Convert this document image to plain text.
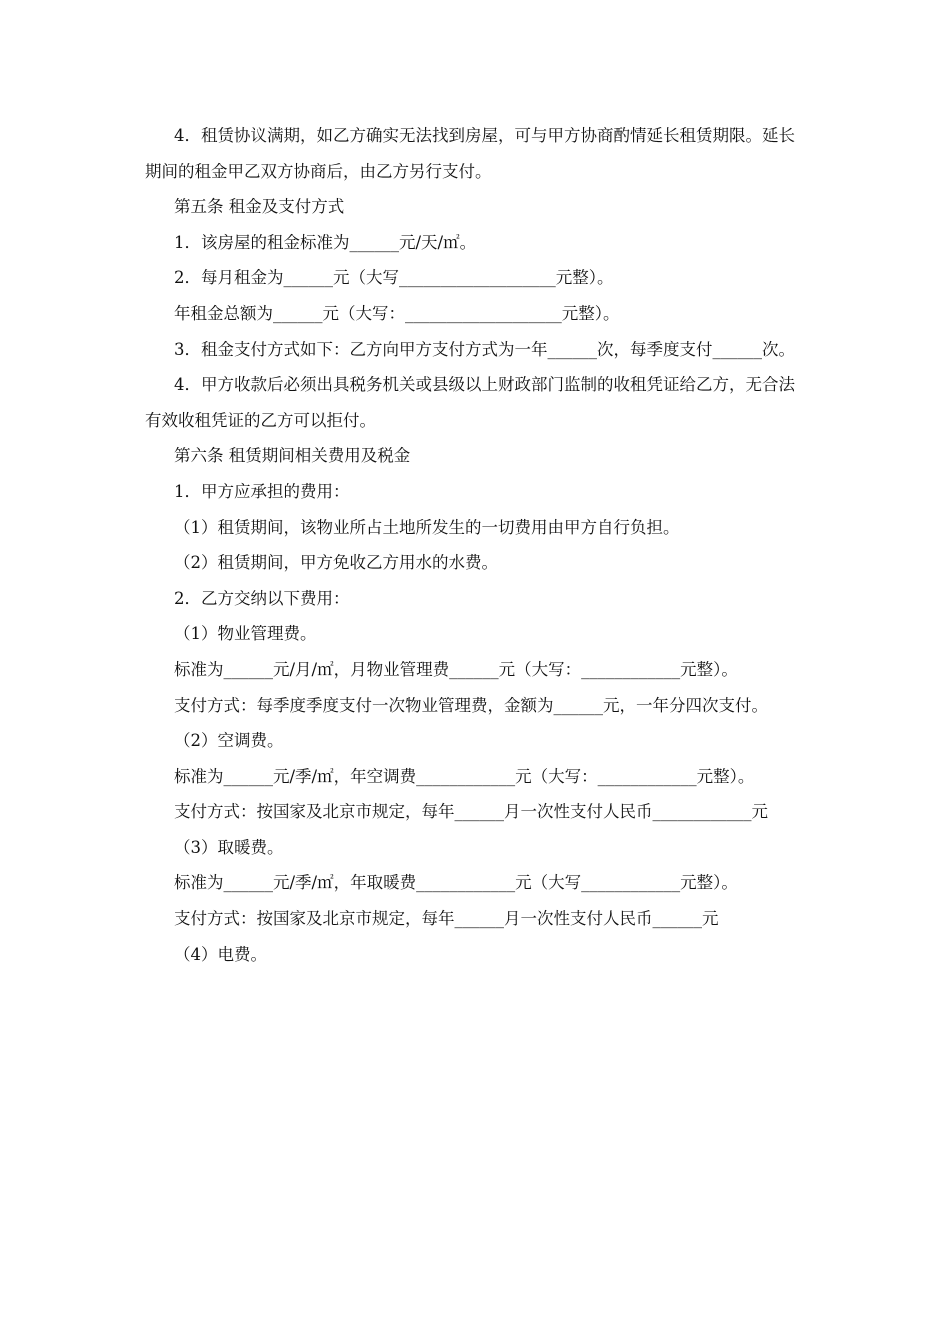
4．租赁协议满期，如乙方确实无法找到房屋，可与甲方协商酌情延长租赁期限。延长期间的租金甲乙双方协商后，由乙方另行支付。

第五条 租金及支付方式

1．该房屋的租金标准为______元/天/㎡。

2．每月租金为______元（大写___________________元整）。

年租金总额为______元（大写：___________________元整）。

3．租金支付方式如下：乙方向甲方支付方式为一年______次，每季度支付______次。

4．甲方收款后必须出具税务机关或县级以上财政部门监制的收租凭证给乙方，无合法有效收租凭证的乙方可以拒付。

第六条 租赁期间相关费用及税金

1．甲方应承担的费用：

（1）租赁期间，该物业所占土地所发生的一切费用由甲方自行负担。

（2）租赁期间，甲方免收乙方用水的水费。

2．乙方交纳以下费用：

（1）物业管理费。

标准为______元/月/㎡，月物业管理费______元（大写：____________元整）。

支付方式：每季度季度支付一次物业管理费，金额为______元，一年分四次支付。

（2）空调费。

标准为______元/季/㎡，年空调费____________元（大写：____________元整）。

支付方式：按国家及北京市规定，每年______月一次性支付人民币____________元

（3）取暖费。

标准为______元/季/㎡，年取暖费____________元（大写____________元整）。

支付方式：按国家及北京市规定，每年______月一次性支付人民币______元

（4）电费。
